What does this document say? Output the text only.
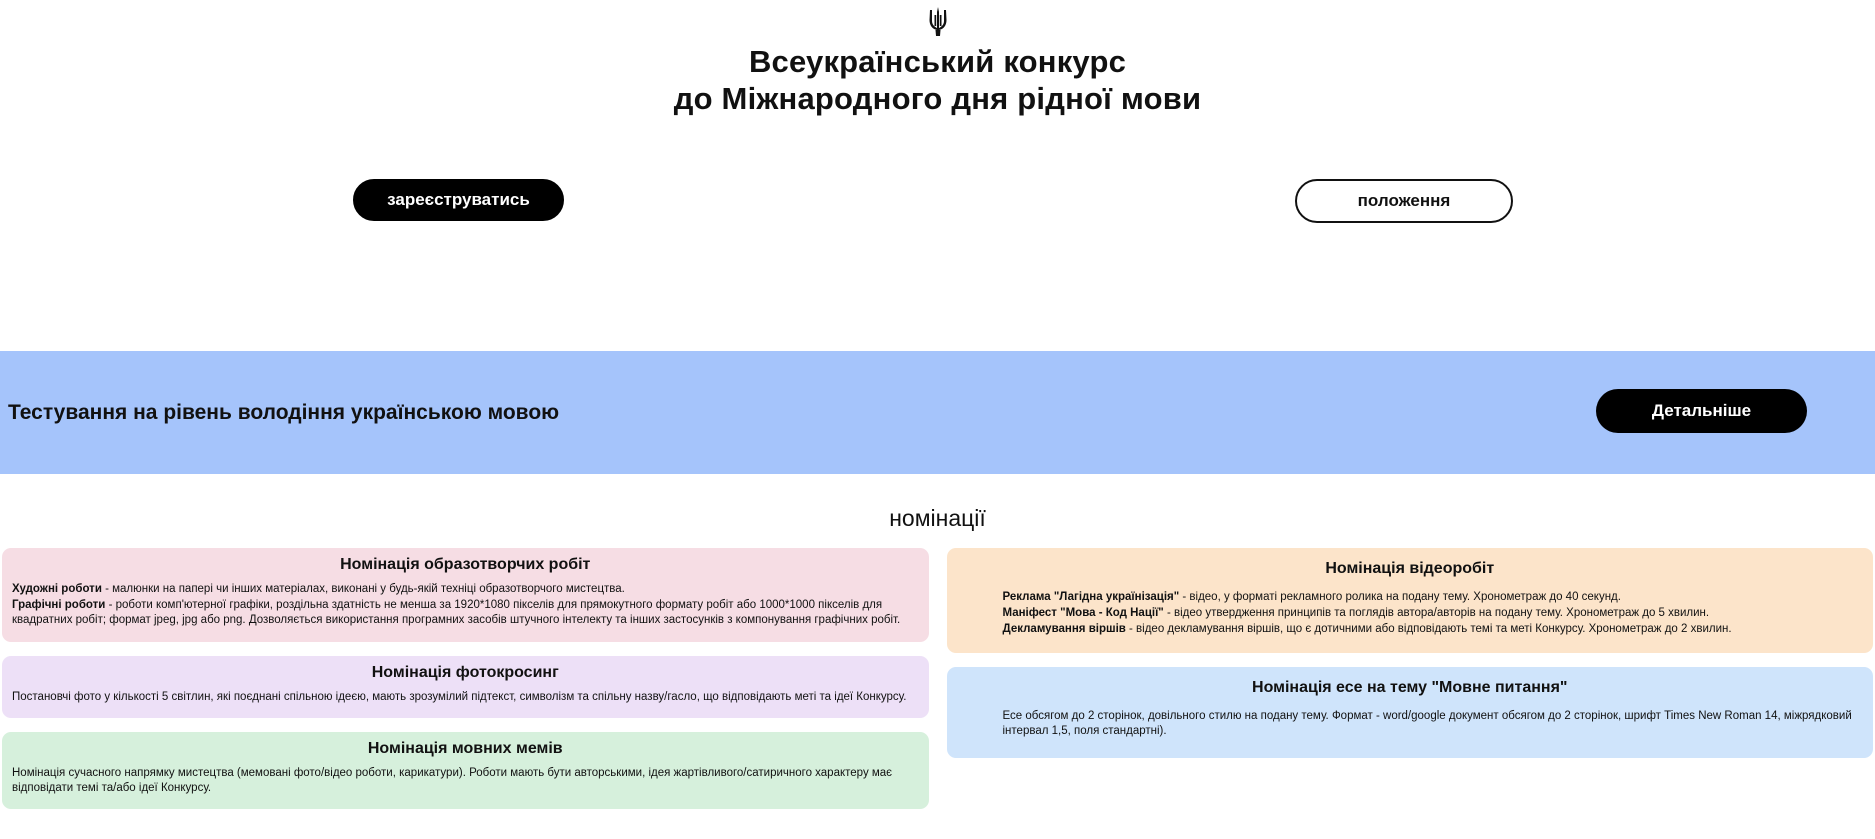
Всеукраїнський конкурс
до Міжнародного дня рідної мови
зареєструватись	положення
Тестування на рівень володіння українською мовою	Детальніше
номінації
Номінація образотворчих робіт

Художні роботи - малюнки на папері чи інших матеріалах, виконані у будь-якій техніці образотворчого мистецтва.

Графічні роботи - роботи комп'ютерної графіки, роздільна здатність не менша за 1920*1080 пікселів для прямокутного формату робіт або 1000*1000 пікселів для квадратних робіт; формат jpeg, jpg або png. Дозволяється використання програмних засобів штучного інтелекту та інших застосунків з компонування графічних робіт.

Номінація фотокросинг

Постановчі фото у кількості 5 світлин, які поєднані спільною ідеєю, мають зрозумілий підтекст, символізм та спільну назву/гасло, що відповідають меті та ідеї Конкурсу.

Номінація мовних мемів

Номінація сучасного напрямку мистецтва (мемовані фото/відео роботи, карикатури). Роботи мають бути авторськими, ідея жартівливого/сатиричного характеру має відповідати темі та/або ідеї Конкурсу.

Номінація відеоробіт

Реклама "Лагідна українізація" - відео, у форматі рекламного ролика на подану тему. Хронометраж до 40 секунд.

Маніфест "Мова - Код Нації" - відео утвердження принципів та поглядів автора/авторів на подану тему. Хронометраж до 5 хвилин.

Декламування віршів - відео декламування віршів, що є дотичними або відповідають темі та меті Конкурсу. Хронометраж до 2 хвилин.

Номінація есе на тему "Мовне питання"

Есе обсягом до 2 сторінок, довільного стилю на подану тему. Формат - word/google документ обсягом до 2 сторінок, шрифт Times New Roman 14, міжрядковий інтервал 1,5, поля стандартні).
